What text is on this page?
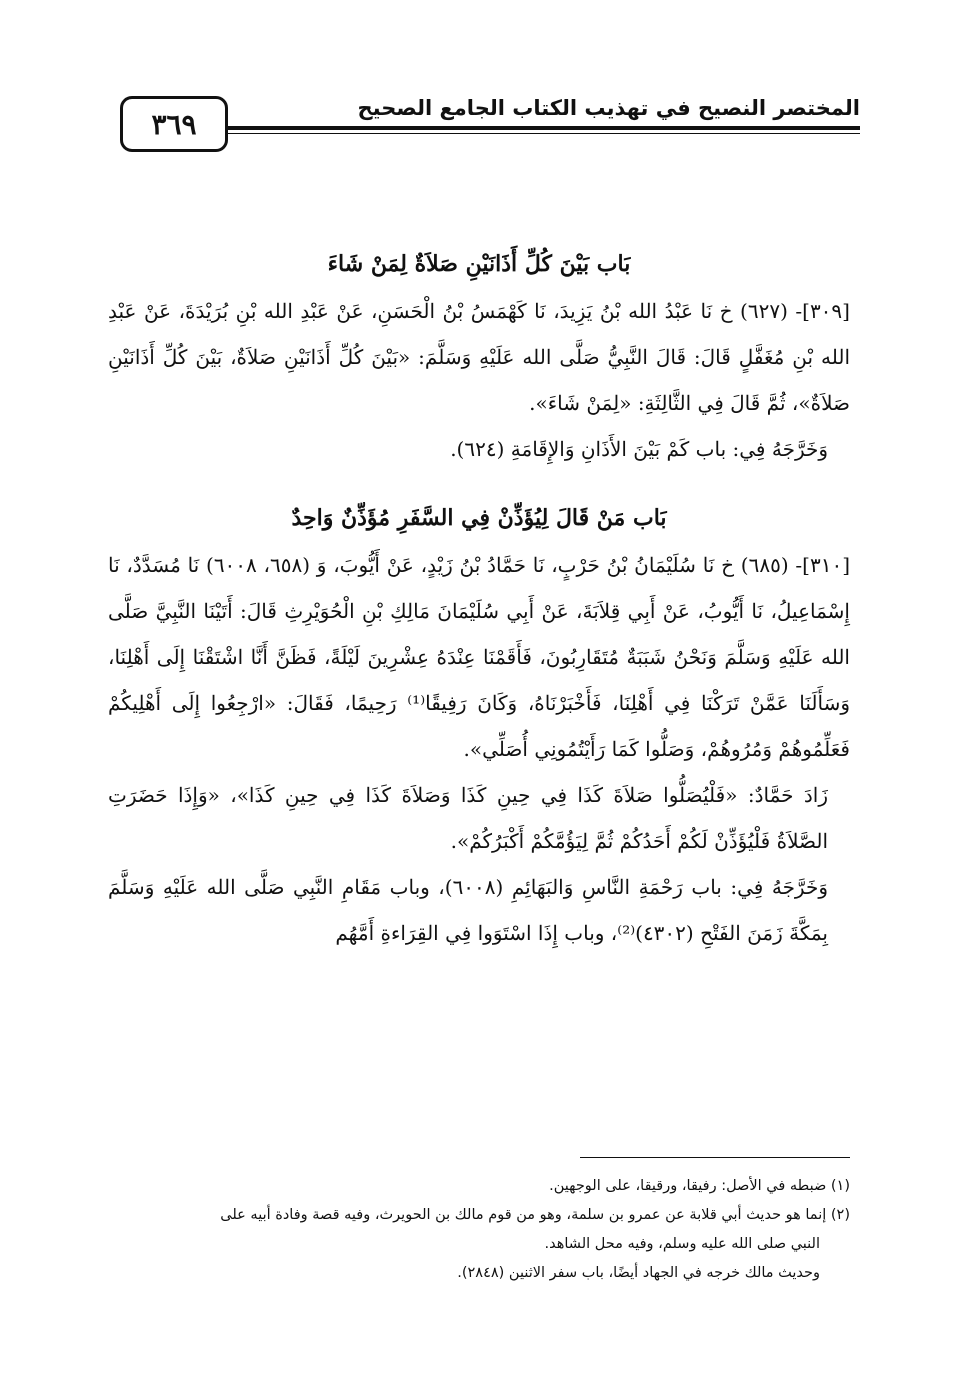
٣٦٩	المختصر النصيح في تهذيب الكتاب الجامع الصحيح

بَاب بَيْنَ كُلِّ أَذَانَيْنِ صَلاَةٌ لِمَنْ شَاءَ

[٣٠٩]- (٦٢٧) خ نَا عَبْدُ الله بْنُ يَزِيدَ، نَا كَهْمَسُ بْنُ الْحَسَنِ، عَنْ عَبْدِ الله بْنِ بُرَيْدَةَ، عَنْ عَبْدِ الله بْنِ مُغَفَّلٍ قَالَ: قَالَ النَّبِيُّ صَلَّى الله عَلَيْهِ وَسَلَّمَ: «بَيْنَ كُلِّ أَذَانَيْنِ صَلاَةٌ، بَيْنَ كُلِّ أَذَانَيْنِ صَلاَةٌ»، ثُمَّ قَالَ فِي الثَّالِثَةِ: «لِمَنْ شَاءَ».

وَخَرَّجَهُ فِي: باب كَمْ بَيْنَ الأَذَانِ وَالإِقَامَةِ (٦٢٤).

بَاب مَنْ قَالَ لِيُؤَذِّنْ فِي السَّفَرِ مُؤَذِّنٌ وَاحِدٌ

[٣١٠]- (٦٨٥) خ نَا سُلَيْمَانُ بْنُ حَرْبٍ، نَا حَمَّادُ بْنُ زَيْدٍ، عَنْ أَيُّوبَ، وَ (٦٥٨، ٦٠٠٨) نَا مُسَدَّدٌ، نَا إِسْمَاعِيلُ، نَا أَيُّوبُ، عَنْ أَبِي قِلاَبَةَ، عَنْ أَبِي سُلَيْمَانَ مَالِكِ بْنِ الْحُوَيْرِثِ قَالَ: أَتَيْنَا النَّبِيَّ صَلَّى الله عَلَيْهِ وَسَلَّمَ وَنَحْنُ شَبَبَةٌ مُتَقَارِبُونَ، فَأَقَمْنَا عِنْدَهُ عِشْرِينَ لَيْلَةً، فَظَنَّ أَنَّا اشْتَقْنَا إِلَى أَهْلِنَا، وَسَأَلَنَا عَمَّنْ تَرَكْنَا فِي أَهْلِنَا، فَأَخْبَرْنَاهُ، وَكَانَ رَفِيقًا⁽¹⁾ رَحِيمًا، فَقَالَ: «ارْجِعُوا إِلَى أَهْلِيكُمْ فَعَلِّمُوهُمْ وَمُرُوهُمْ، وَصَلُّوا كَمَا رَأَيْتُمُونِي أُصَلِّي».

زَادَ حَمَّادٌ: «فَلْيُصَلُّوا صَلاَةَ كَذَا فِي حِينِ كَذَا وَصَلاَةَ كَذَا فِي حِينِ كَذَا»، «وَإِذَا حَضَرَتِ الصَّلاَةُ فَلْيُؤَذِّنْ لَكُمْ أَحَدُكُمْ ثُمَّ لِيَؤُمَّكُمْ أَكْبَرُكُمْ».

وَخَرَّجَهُ فِي: باب رَحْمَةِ النَّاسِ وَالبَهَائِمِ (٦٠٠٨)، وباب مَقَامِ النَّبِي صَلَّى الله عَلَيْهِ وَسَلَّمَ بِمَكَّةَ زَمَنَ الفَتْحِ (٤٣٠٢)⁽²⁾، وباب إِذَا اسْتَوَوا فِي القِرَاءةِ أَمَّهُم

(١) ضبطه في الأصل: رفيقا، ورقيقا، على الوجهين.

(٢) إنما هو حديث أبي قلابة عن عمرو بن سلمة، وهو من قوم مالك بن الحويرث، وفيه قصة وفادة أبيه على

النبي صلى الله عليه وسلم، وفيه محل الشاهد.

وحديث مالك خرجه في الجهاد أيضًا، باب سفر الاثنين (٢٨٤٨).
